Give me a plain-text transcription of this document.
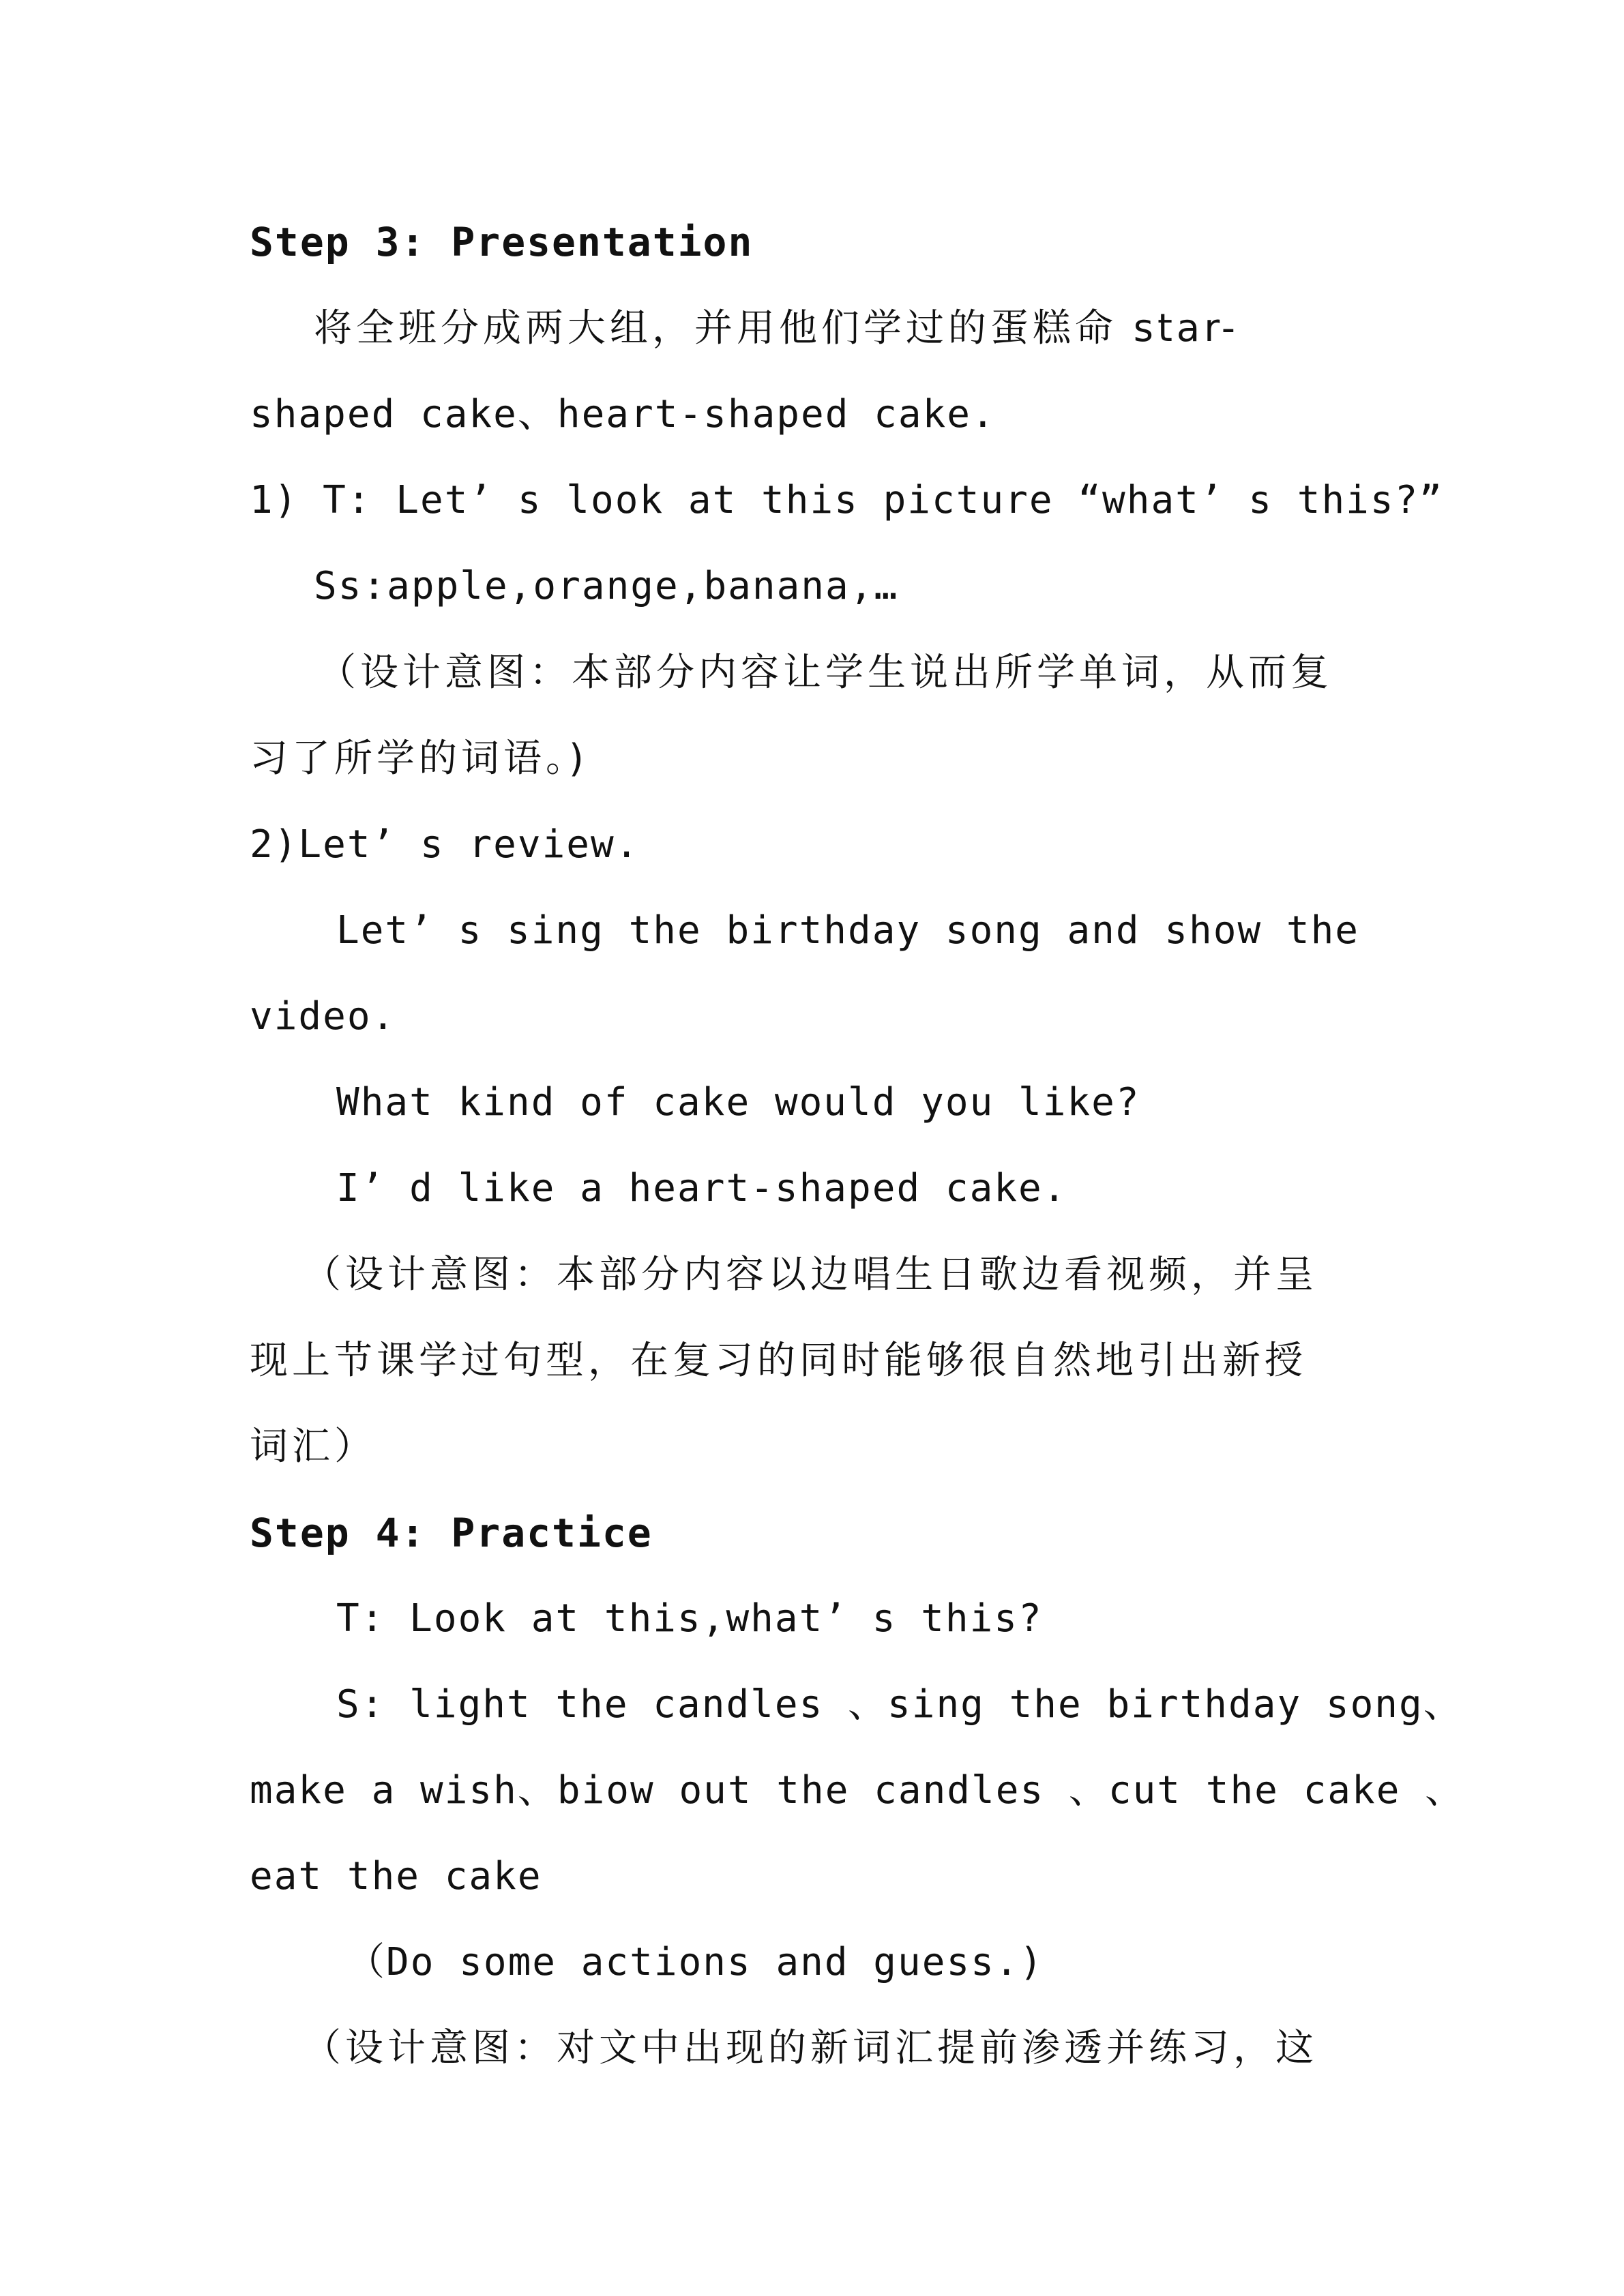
Step 3: Presentation
将全班分成两大组，并用他们学过的蛋糕命 star-
shaped cake、heart-shaped cake.
1) T: Let’ s look at this picture “what’ s this?”
Ss:apple,orange,banana,…
（设计意图：本部分内容让学生说出所学单词，从而复
习了所学的词语。)
2)Let’ s review.
Let’ s sing the birthday song and show the
video.
What kind of cake would you like?
I’ d like a heart-shaped cake.
（设计意图：本部分内容以边唱生日歌边看视频，并呈
现上节课学过句型，在复习的同时能够很自然地引出新授
词汇）
Step 4: Practice
T: Look at this,what’ s this?
S: light the candles 、sing the birthday song、
make a wish、biow out the candles 、cut the cake 、
eat the cake
（Do some actions and guess.)
（设计意图：对文中出现的新词汇提前渗透并练习，这
